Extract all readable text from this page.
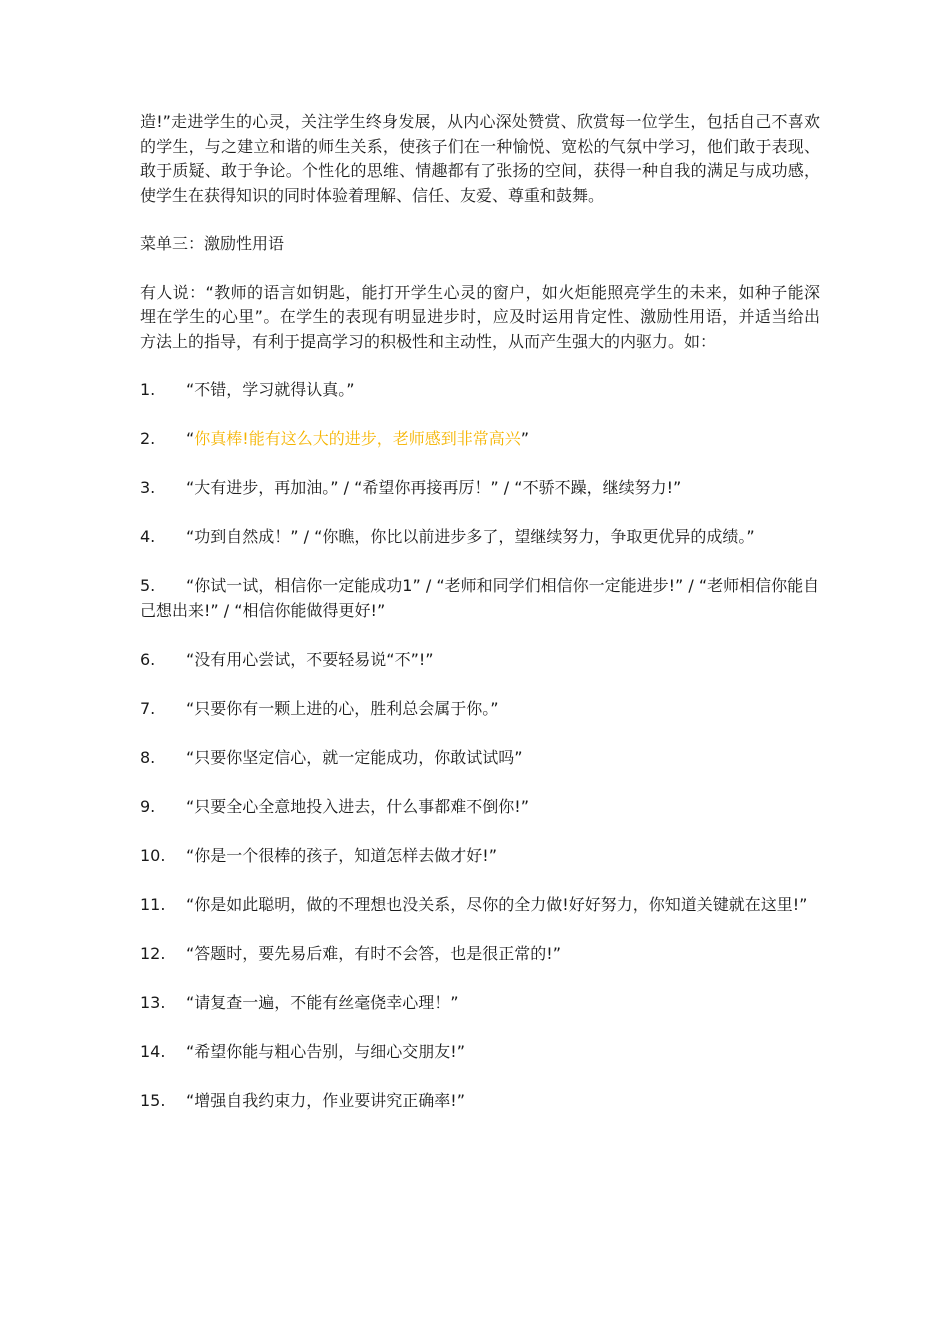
造!”走进学生的心灵，关注学生终身发展，从内心深处赞赏、欣赏每一位学生，包括自己不喜欢的学生，与之建立和谐的师生关系，使孩子们在一种愉悦、宽松的气氛中学习，他们敢于表现、敢于质疑、敢于争论。个性化的思维、情趣都有了张扬的空间，获得一种自我的满足与成功感，使学生在获得知识的同时体验着理解、信任、友爱、尊重和鼓舞。

菜单三：激励性用语

有人说：“教师的语言如钥匙，能打开学生心灵的窗户，如火炬能照亮学生的未来，如种子能深埋在学生的心里”。在学生的表现有明显进步时，应及时运用肯定性、激励性用语，并适当给出方法上的指导，有利于提高学习的积极性和主动性，从而产生强大的内驱力。如：

1. “不错，学习就得认真。”
2. “你真棒!能有这么大的进步，老师感到非常高兴”
3. “大有进步，再加油。” / “希望你再接再厉！” / “不骄不躁，继续努力!”
4. “功到自然成！” / “你瞧，你比以前进步多了，望继续努力，争取更优异的成绩。”
5. “你试一试，相信你一定能成功1” / “老师和同学们相信你一定能进步!” / “老师相信你能自己想出来!” / “相信你能做得更好!”
6. “没有用心尝试，不要轻易说“不”!”
7. “只要你有一颗上进的心，胜利总会属于你。”
8. “只要你坚定信心，就一定能成功，你敢试试吗”
9. “只要全心全意地投入进去，什么事都难不倒你!”
10. “你是一个很棒的孩子，知道怎样去做才好!”
11. “你是如此聪明，做的不理想也没关系，尽你的全力做!好好努力，你知道关键就在这里!”
12. “答题时，要先易后难，有时不会答，也是很正常的!”
13. “请复查一遍，不能有丝毫侥幸心理！”
14. “希望你能与粗心告别，与细心交朋友!”
15. “增强自我约束力，作业要讲究正确率!”
